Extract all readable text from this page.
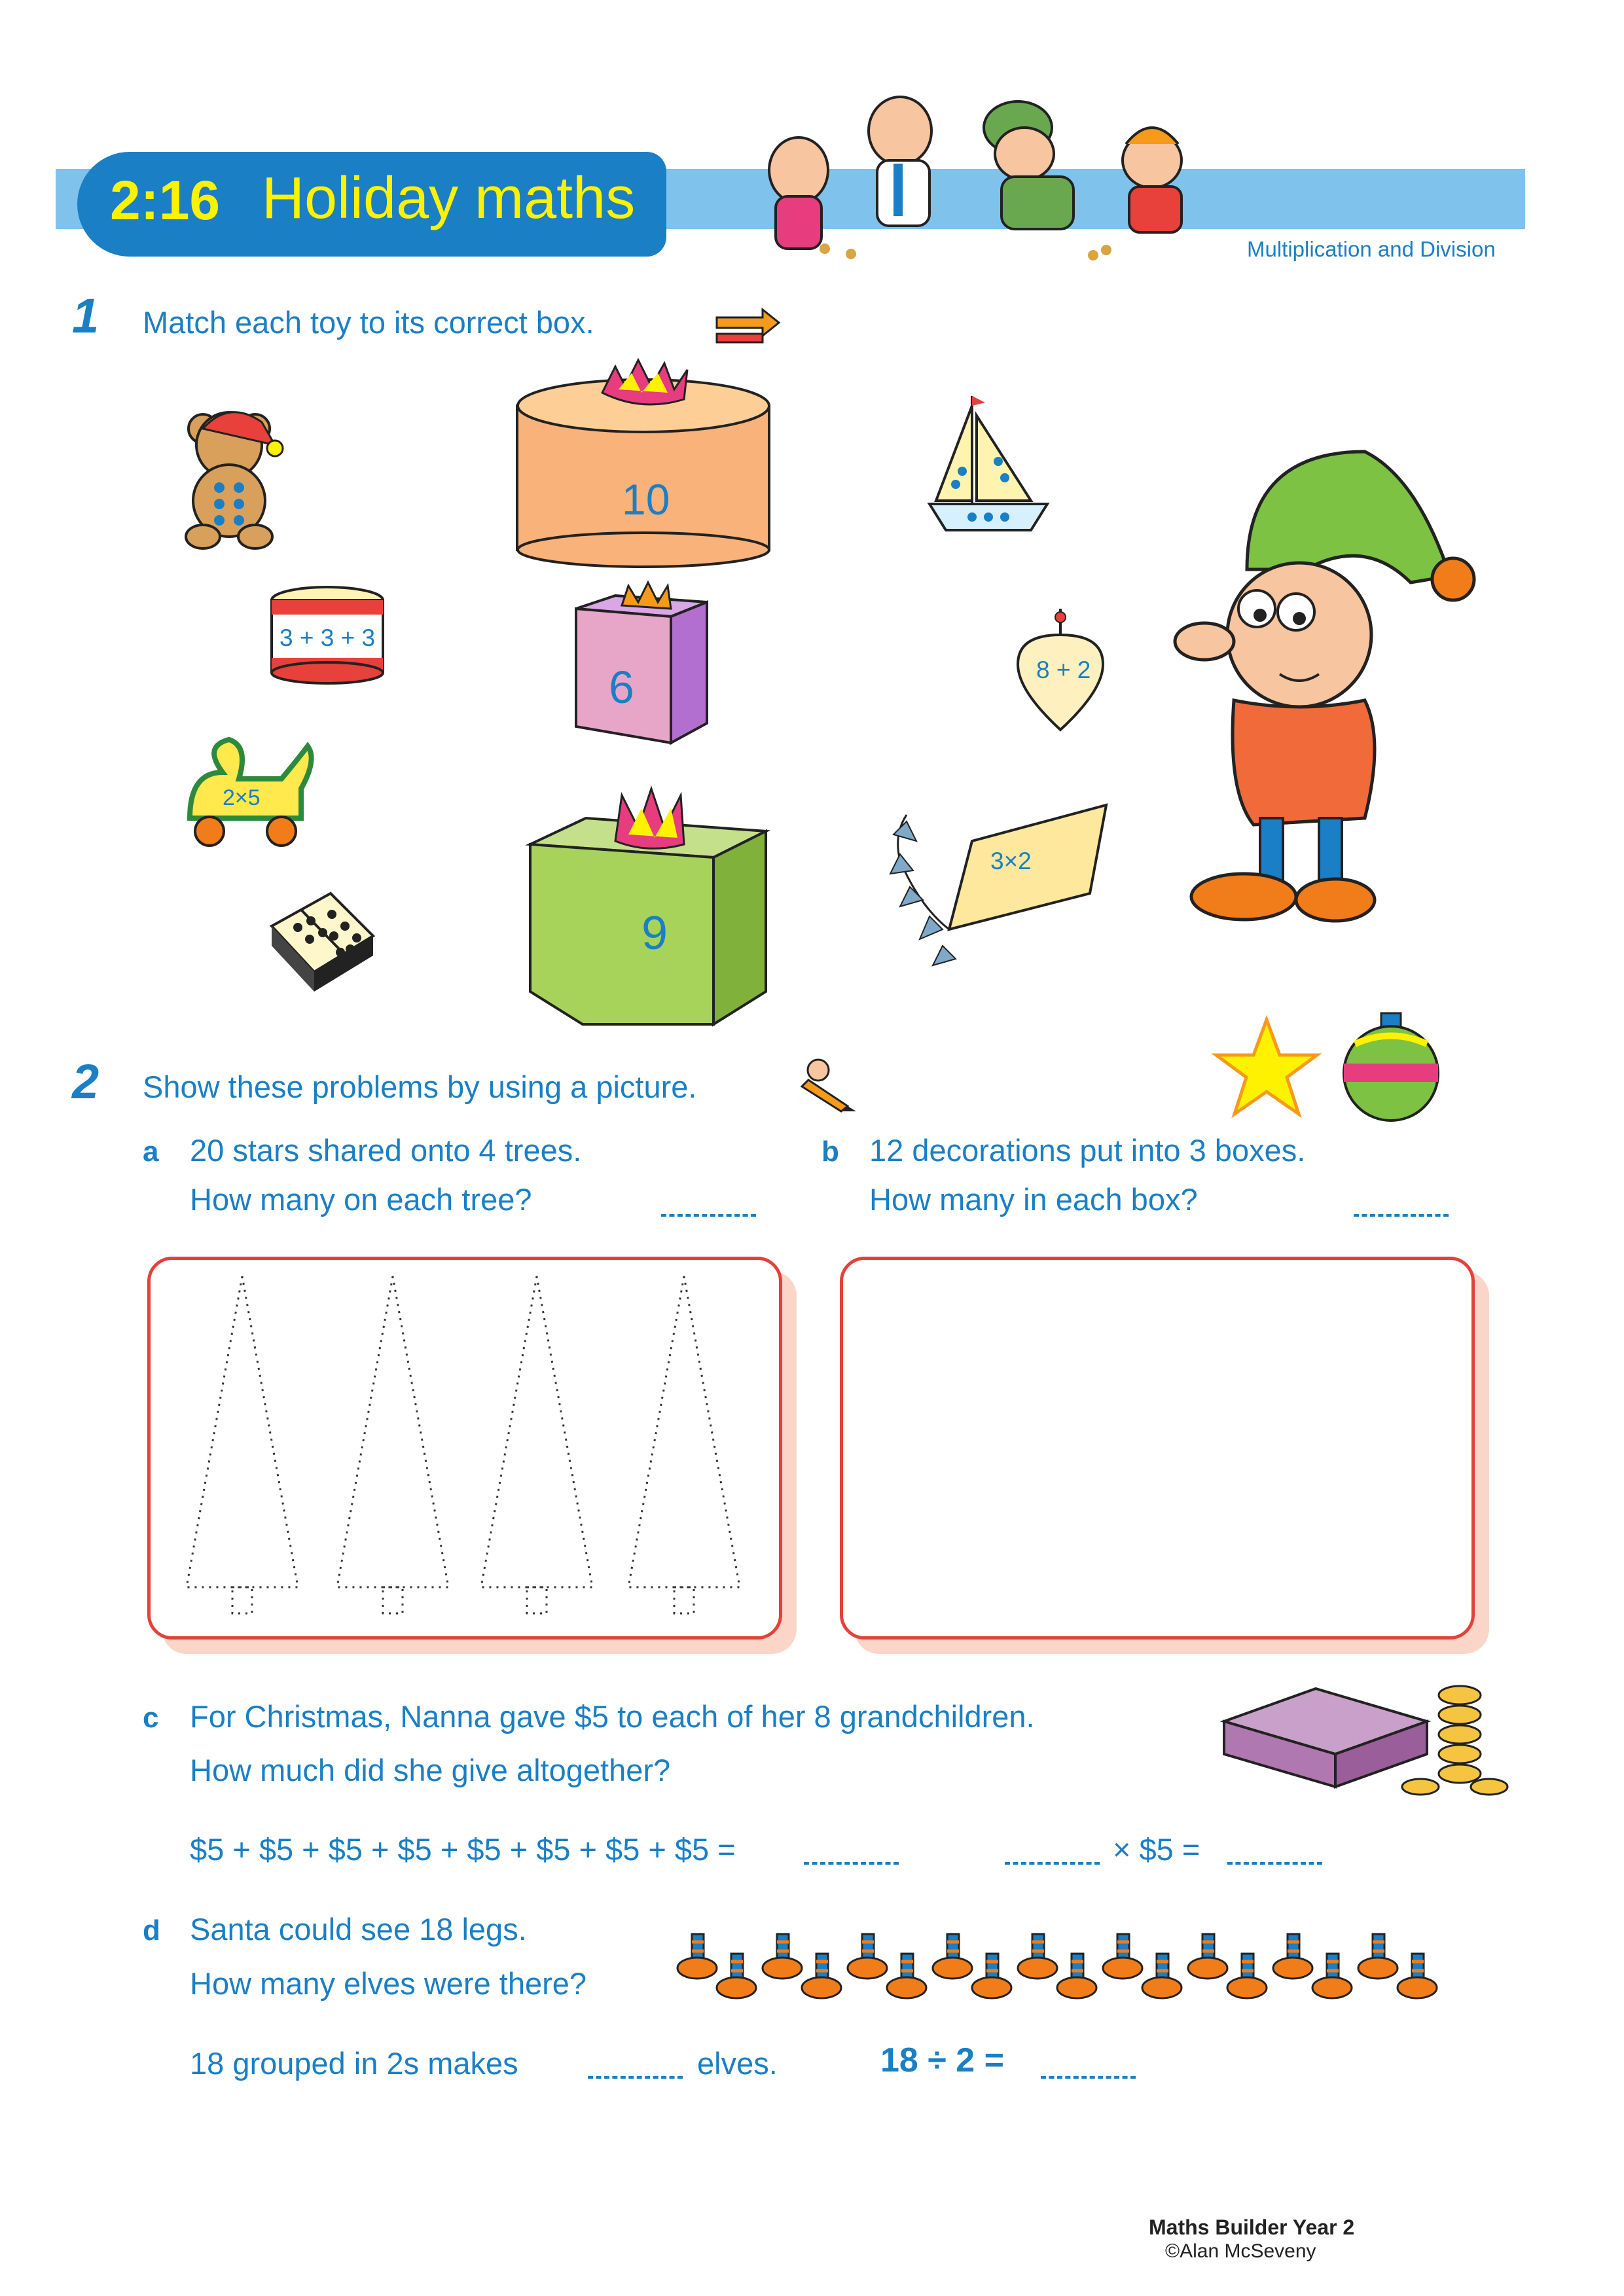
2:16 Holiday maths
Multiplication and Division
1 Match each toy to its correct box.
3 + 3 + 3
2×5
10
6
9
8 + 2
3×2
2 Show these problems by using a picture.
a 20 stars shared onto 4 trees.
How many on each tree?
b 12 decorations put into 3 boxes.
How many in each box?
c For Christmas, Nanna gave $5 to each of her 8 grandchildren.
How much did she give altogether?
$5 + $5 + $5 + $5 + $5 + $5 + $5 + $5 =	× $5 =
d Santa could see 18 legs.
How many elves were there?
18 grouped in 2s makes	elves.	18 ÷ 2 =
Maths Builder Year 2
©Alan McSeveny
